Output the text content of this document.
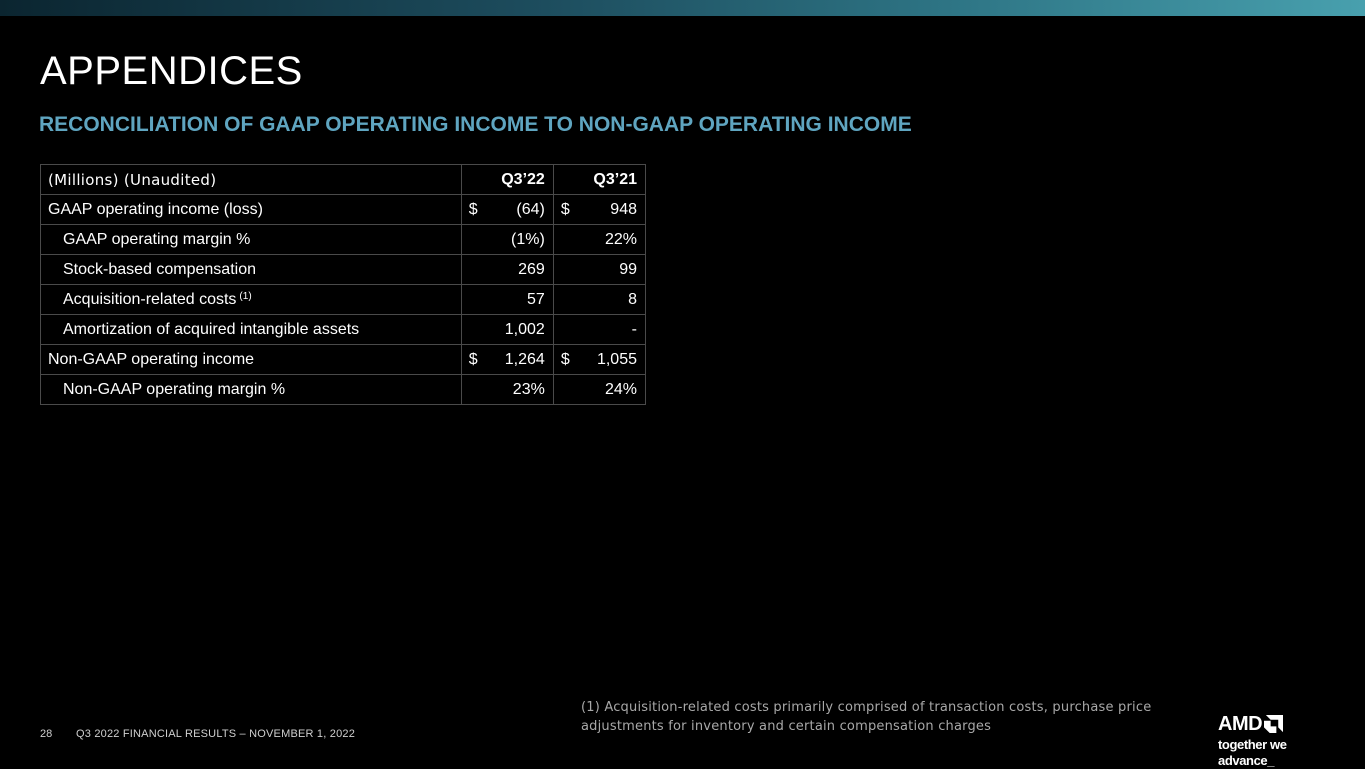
APPENDICES
RECONCILIATION OF GAAP OPERATING INCOME TO NON-GAAP OPERATING INCOME
(Millions) (Unaudited)	Q3’22	Q3’21
GAAP operating income (loss)	$ (64)	$ 948

GAAP operating margin %	(1%)	22%

Stock-based compensation	269	99

Acquisition-related costs $^{(1)}$	57	8

Amortization of acquired intangible assets	1,002	-

Non-GAAP operating income	$ 1,264	$ 1,055

Non-GAAP operating margin %	23%	24%

(1) Acquisition-related costs primarily comprised of transaction costs, purchase price adjustments for inventory and certain compensation charges

28 Q3 2022 FINANCIAL RESULTS – NOVEMBER 1, 2022	AMD
together we advance_
